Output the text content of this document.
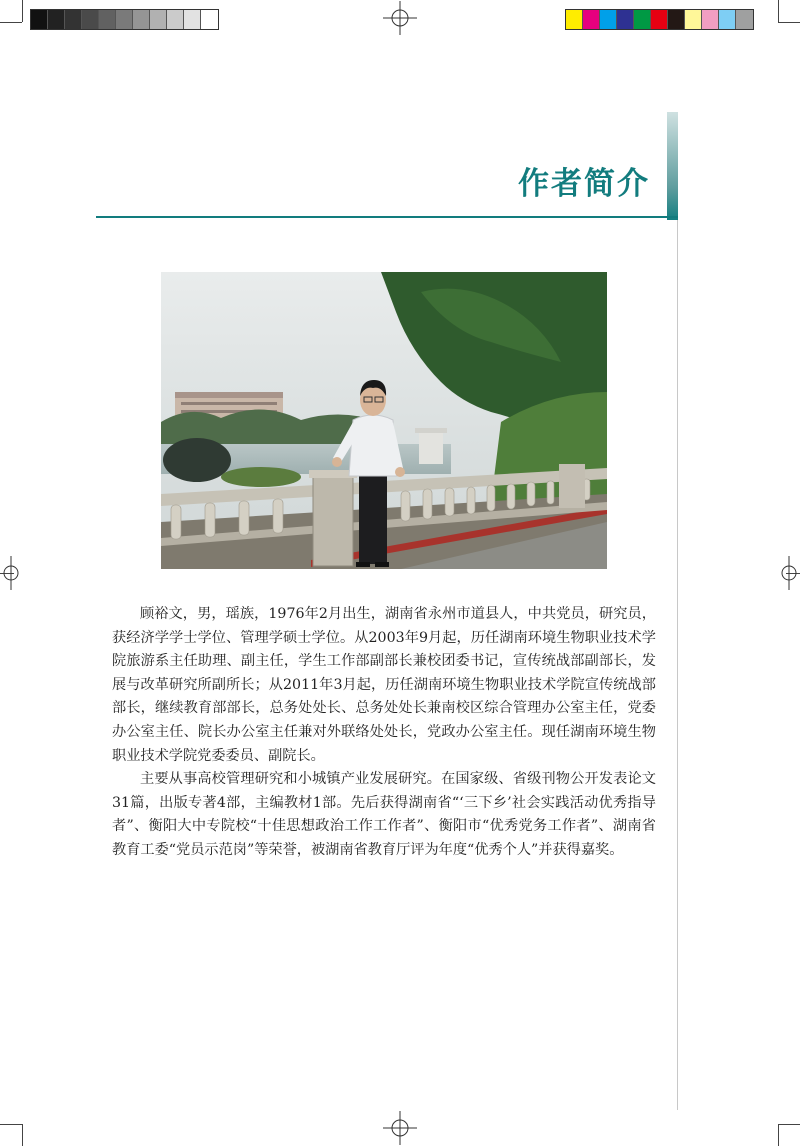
作者简介

顾裕文，男，瑶族，1976年2月出生，湖南省永州市道县人，中共党员，研究员，获经济学学士学位、管理学硕士学位。从2003年9月起，历任湖南环境生物职业技术学院旅游系主任助理、副主任，学生工作部副部长兼校团委书记，宣传统战部副部长，发展与改革研究所副所长；从2011年3月起，历任湖南环境生物职业技术学院宣传统战部部长，继续教育部部长，总务处处长、总务处处长兼南校区综合管理办公室主任，党委办公室主任、院长办公室主任兼对外联络处处长，党政办公室主任。现任湖南环境生物职业技术学院党委委员、副院长。

主要从事高校管理研究和小城镇产业发展研究。在国家级、省级刊物公开发表论文31篇，出版专著4部，主编教材1部。先后获得湖南省“‘三下乡’社会实践活动优秀指导者”、衡阳大中专院校“十佳思想政治工作工作者”、衡阳市“优秀党务工作者”、湖南省教育工委“党员示范岗”等荣誉，被湖南省教育厅评为年度“优秀个人”并获得嘉奖。
